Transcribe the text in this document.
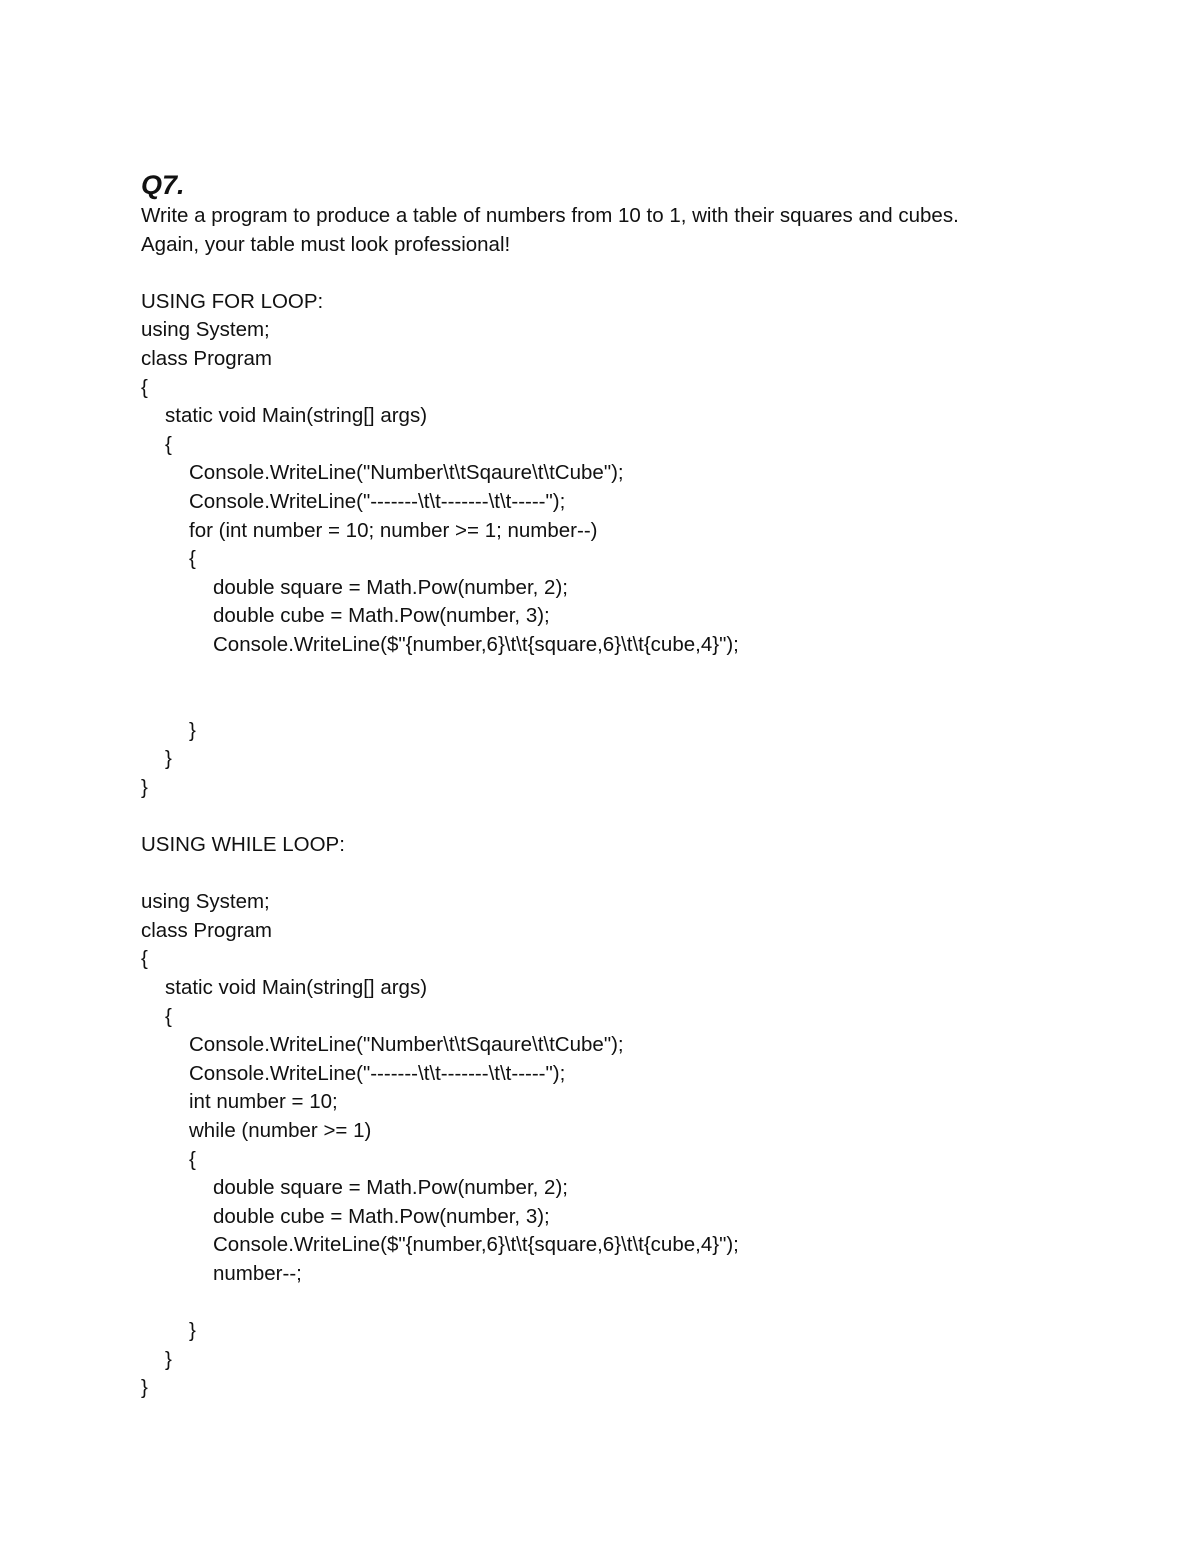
Q7.
Write a program to produce a table of numbers from 10 to 1, with their squares and cubes.
Again, your table must look professional!
USING FOR LOOP:
using System;
class Program
{
static void Main(string[] args)
{
Console.WriteLine("Number\t\tSqaure\t\tCube");
Console.WriteLine("-------\t\t-------\t\t-----");
for (int number = 10; number >= 1; number--)
{
double square = Math.Pow(number, 2);
double cube = Math.Pow(number, 3);
Console.WriteLine($"{number,6}\t\t{square,6}\t\t{cube,4}");
}
}
}
USING WHILE LOOP:
using System;
class Program
{
static void Main(string[] args)
{
Console.WriteLine("Number\t\tSqaure\t\tCube");
Console.WriteLine("-------\t\t-------\t\t-----");
int number = 10;
while (number >= 1)
{
double square = Math.Pow(number, 2);
double cube = Math.Pow(number, 3);
Console.WriteLine($"{number,6}\t\t{square,6}\t\t{cube,4}");
number--;
}
}
}
